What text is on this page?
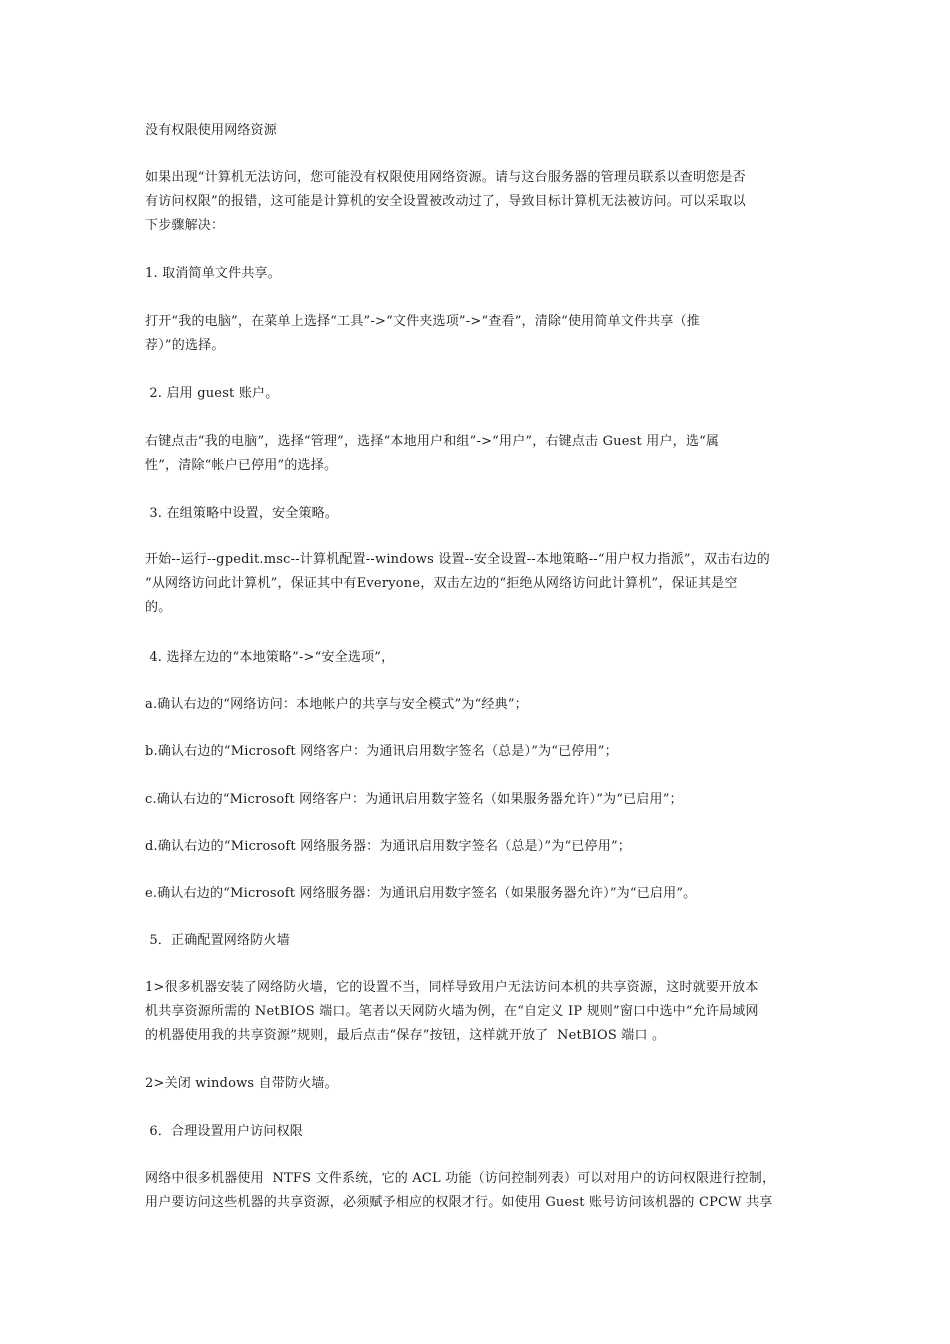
没有权限使用网络资源

如果出现“计算机无法访问，您可能没有权限使用网络资源。请与这台服务器的管理员联系以查明您是否
有访问权限”的报错，这可能是计算机的安全设置被改动过了，导致目标计算机无法被访问。可以采取以
下步骤解决：

1. 取消简单文件共享。

打开“我的电脑”，在菜单上选择“工具”->“文件夹选项”->“查看”，清除“使用简单文件共享（推
荐）”的选择。

2. 启用 guest 账户。

右键点击“我的电脑”，选择“管理”，选择“本地用户和组”->“用户”，右键点击 Guest 用户，选“属
性”，清除“帐户已停用”的选择。

3. 在组策略中设置，安全策略。

开始--运行--gpedit.msc--计算机配置--windows 设置--安全设置--本地策略--“用户权力指派”，双击右边的
“从网络访问此计算机”，保证其中有Everyone，双击左边的“拒绝从网络访问此计算机”，保证其是空
的。

4. 选择左边的“本地策略”->“安全选项”，

a.确认右边的“网络访问：本地帐户的共享与安全模式”为“经典”；

b.确认右边的“Microsoft 网络客户：为通讯启用数字签名（总是）”为“已停用”；

c.确认右边的“Microsoft 网络客户：为通讯启用数字签名（如果服务器允许）”为“已启用”；

d.确认右边的“Microsoft 网络服务器：为通讯启用数字签名（总是）”为“已停用”；

e.确认右边的“Microsoft 网络服务器：为通讯启用数字签名（如果服务器允许）”为“已启用”。

5．正确配置网络防火墙

1>很多机器安装了网络防火墙，它的设置不当，同样导致用户无法访问本机的共享资源，这时就要开放本
机共享资源所需的 NetBIOS 端口。笔者以天网防火墙为例，在“自定义 IP 规则”窗口中选中“允许局域网
的机器使用我的共享资源”规则，最后点击“保存”按钮，这样就开放了  NetBIOS 端口 。

2>关闭 windows 自带防火墙。

6．合理设置用户访问权限

网络中很多机器使用  NTFS 文件系统，它的 ACL 功能（访问控制列表）可以对用户的访问权限进行控制，
用户要访问这些机器的共享资源，必须赋予相应的权限才行。如使用 Guest 账号访问该机器的 CPCW 共享
